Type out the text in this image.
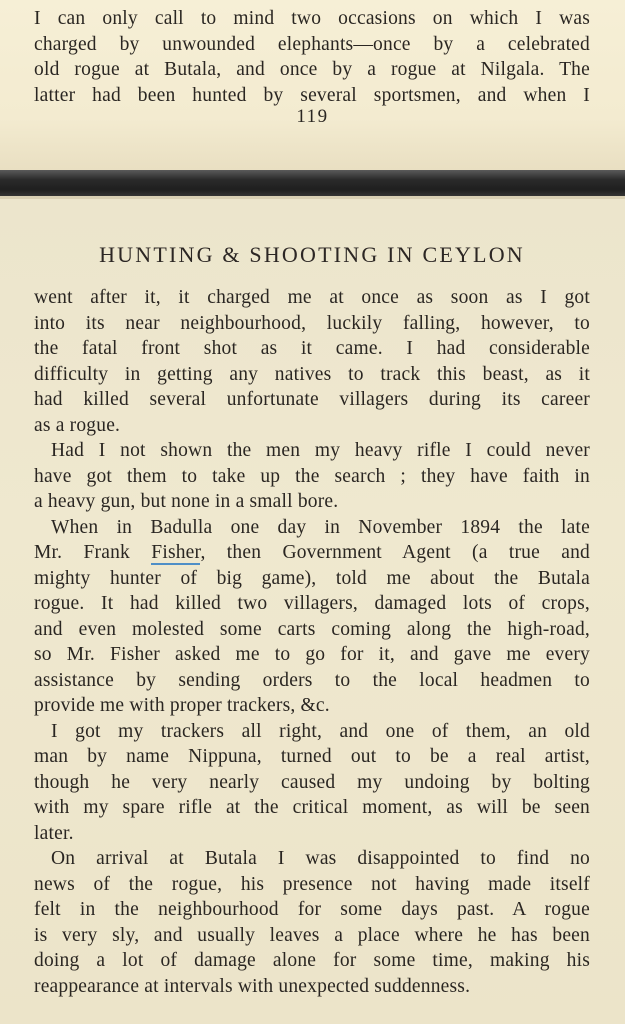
I can only call to mind two occasions on which I was
charged by unwounded elephants—once by a celebrated
old rogue at Butala, and once by a rogue at Nilgala. The
latter had been hunted by several sportsmen, and when I
119
HUNTING & SHOOTING IN CEYLON
went after it, it charged me at once as soon as I got
into its near neighbourhood, luckily falling, however, to
the fatal front shot as it came. I had considerable
difficulty in getting any natives to track this beast, as it
had killed several unfortunate villagers during its career
as a rogue.
Had I not shown the men my heavy rifle I could never
have got them to take up the search ; they have faith in
a heavy gun, but none in a small bore.
When in Badulla one day in November 1894 the late
Mr. Frank Fisher, then Government Agent (a true and
mighty hunter of big game), told me about the Butala
rogue. It had killed two villagers, damaged lots of crops,
and even molested some carts coming along the high-road,
so Mr. Fisher asked me to go for it, and gave me every
assistance by sending orders to the local headmen to
provide me with proper trackers, &c.
I got my trackers all right, and one of them, an old
man by name Nippuna, turned out to be a real artist,
though he very nearly caused my undoing by bolting
with my spare rifle at the critical moment, as will be seen
later.
On arrival at Butala I was disappointed to find no
news of the rogue, his presence not having made itself
felt in the neighbourhood for some days past. A rogue
is very sly, and usually leaves a place where he has been
doing a lot of damage alone for some time, making his
reappearance at intervals with unexpected suddenness.
